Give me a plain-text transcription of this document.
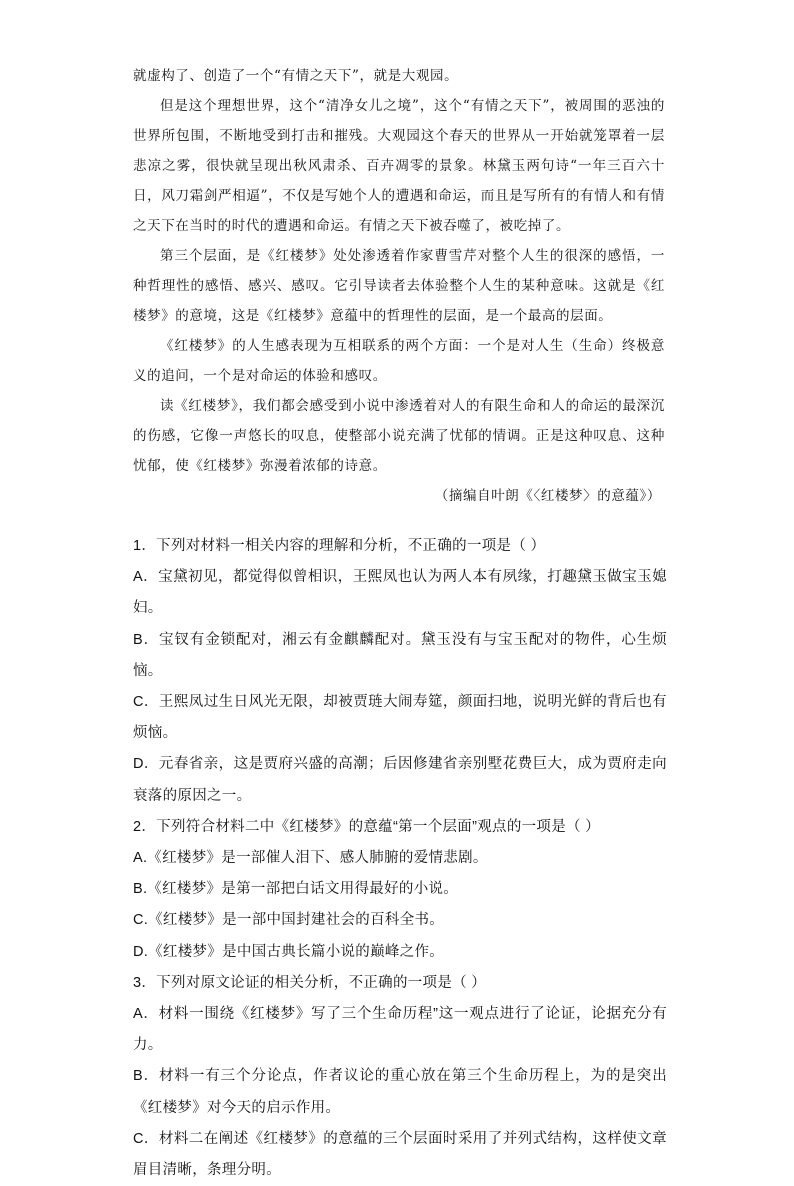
就虚构了、创造了一个“有情之天下”，就是大观园。

但是这个理想世界，这个“清净女儿之境”，这个“有情之天下”，被周围的恶浊的世界所包围，不断地受到打击和摧残。大观园这个春天的世界从一开始就笼罩着一层悲凉之雾，很快就呈现出秋风肃杀、百卉凋零的景象。林黛玉两句诗“一年三百六十日，风刀霜剑严相逼”，不仅是写她个人的遭遇和命运，而且是写所有的有情人和有情之天下在当时的时代的遭遇和命运。有情之天下被吞噬了，被吃掉了。

第三个层面，是《红楼梦》处处渗透着作家曹雪芹对整个人生的很深的感悟，一种哲理性的感悟、感兴、感叹。它引导读者去体验整个人生的某种意味。这就是《红楼梦》的意境，这是《红楼梦》意蕴中的哲理性的层面，是一个最高的层面。

《红楼梦》的人生感表现为互相联系的两个方面：一个是对人生（生命）终极意义的追问，一个是对命运的体验和感叹。

读《红楼梦》，我们都会感受到小说中渗透着对人的有限生命和人的命运的最深沉的伤感，它像一声悠长的叹息，使整部小说充满了忧郁的情调。正是这种叹息、这种忧郁，使《红楼梦》弥漫着浓郁的诗意。

（摘编自叶朗《〈红楼梦〉的意蕴》）

1．下列对材料一相关内容的理解和分析，不正确的一项是（ ）

A．宝黛初见，都觉得似曾相识，王熙凤也认为两人本有夙缘，打趣黛玉做宝玉媳妇。

B．宝钗有金锁配对，湘云有金麒麟配对。黛玉没有与宝玉配对的物件，心生烦恼。

C．王熙凤过生日风光无限，却被贾琏大闹寿筵，颜面扫地，说明光鲜的背后也有烦恼。

D．元春省亲，这是贾府兴盛的高潮；后因修建省亲别墅花费巨大，成为贾府走向衰落的原因之一。

2．下列符合材料二中《红楼梦》的意蕴“第一个层面”观点的一项是（ ）

A.《红楼梦》是一部催人泪下、感人肺腑的爱情悲剧。

B.《红楼梦》是第一部把白话文用得最好的小说。

C.《红楼梦》是一部中国封建社会的百科全书。

D.《红楼梦》是中国古典长篇小说的巅峰之作。

3．下列对原文论证的相关分析，不正确的一项是（ ）

A．材料一围绕《红楼梦》写了三个生命历程”这一观点进行了论证，论据充分有力。

B．材料一有三个分论点，作者议论的重心放在第三个生命历程上，为的是突出《红楼梦》对今天的启示作用。

C．材料二在阐述《红楼梦》的意蕴的三个层面时采用了并列式结构，这样使文章眉目清晰，条理分明。
